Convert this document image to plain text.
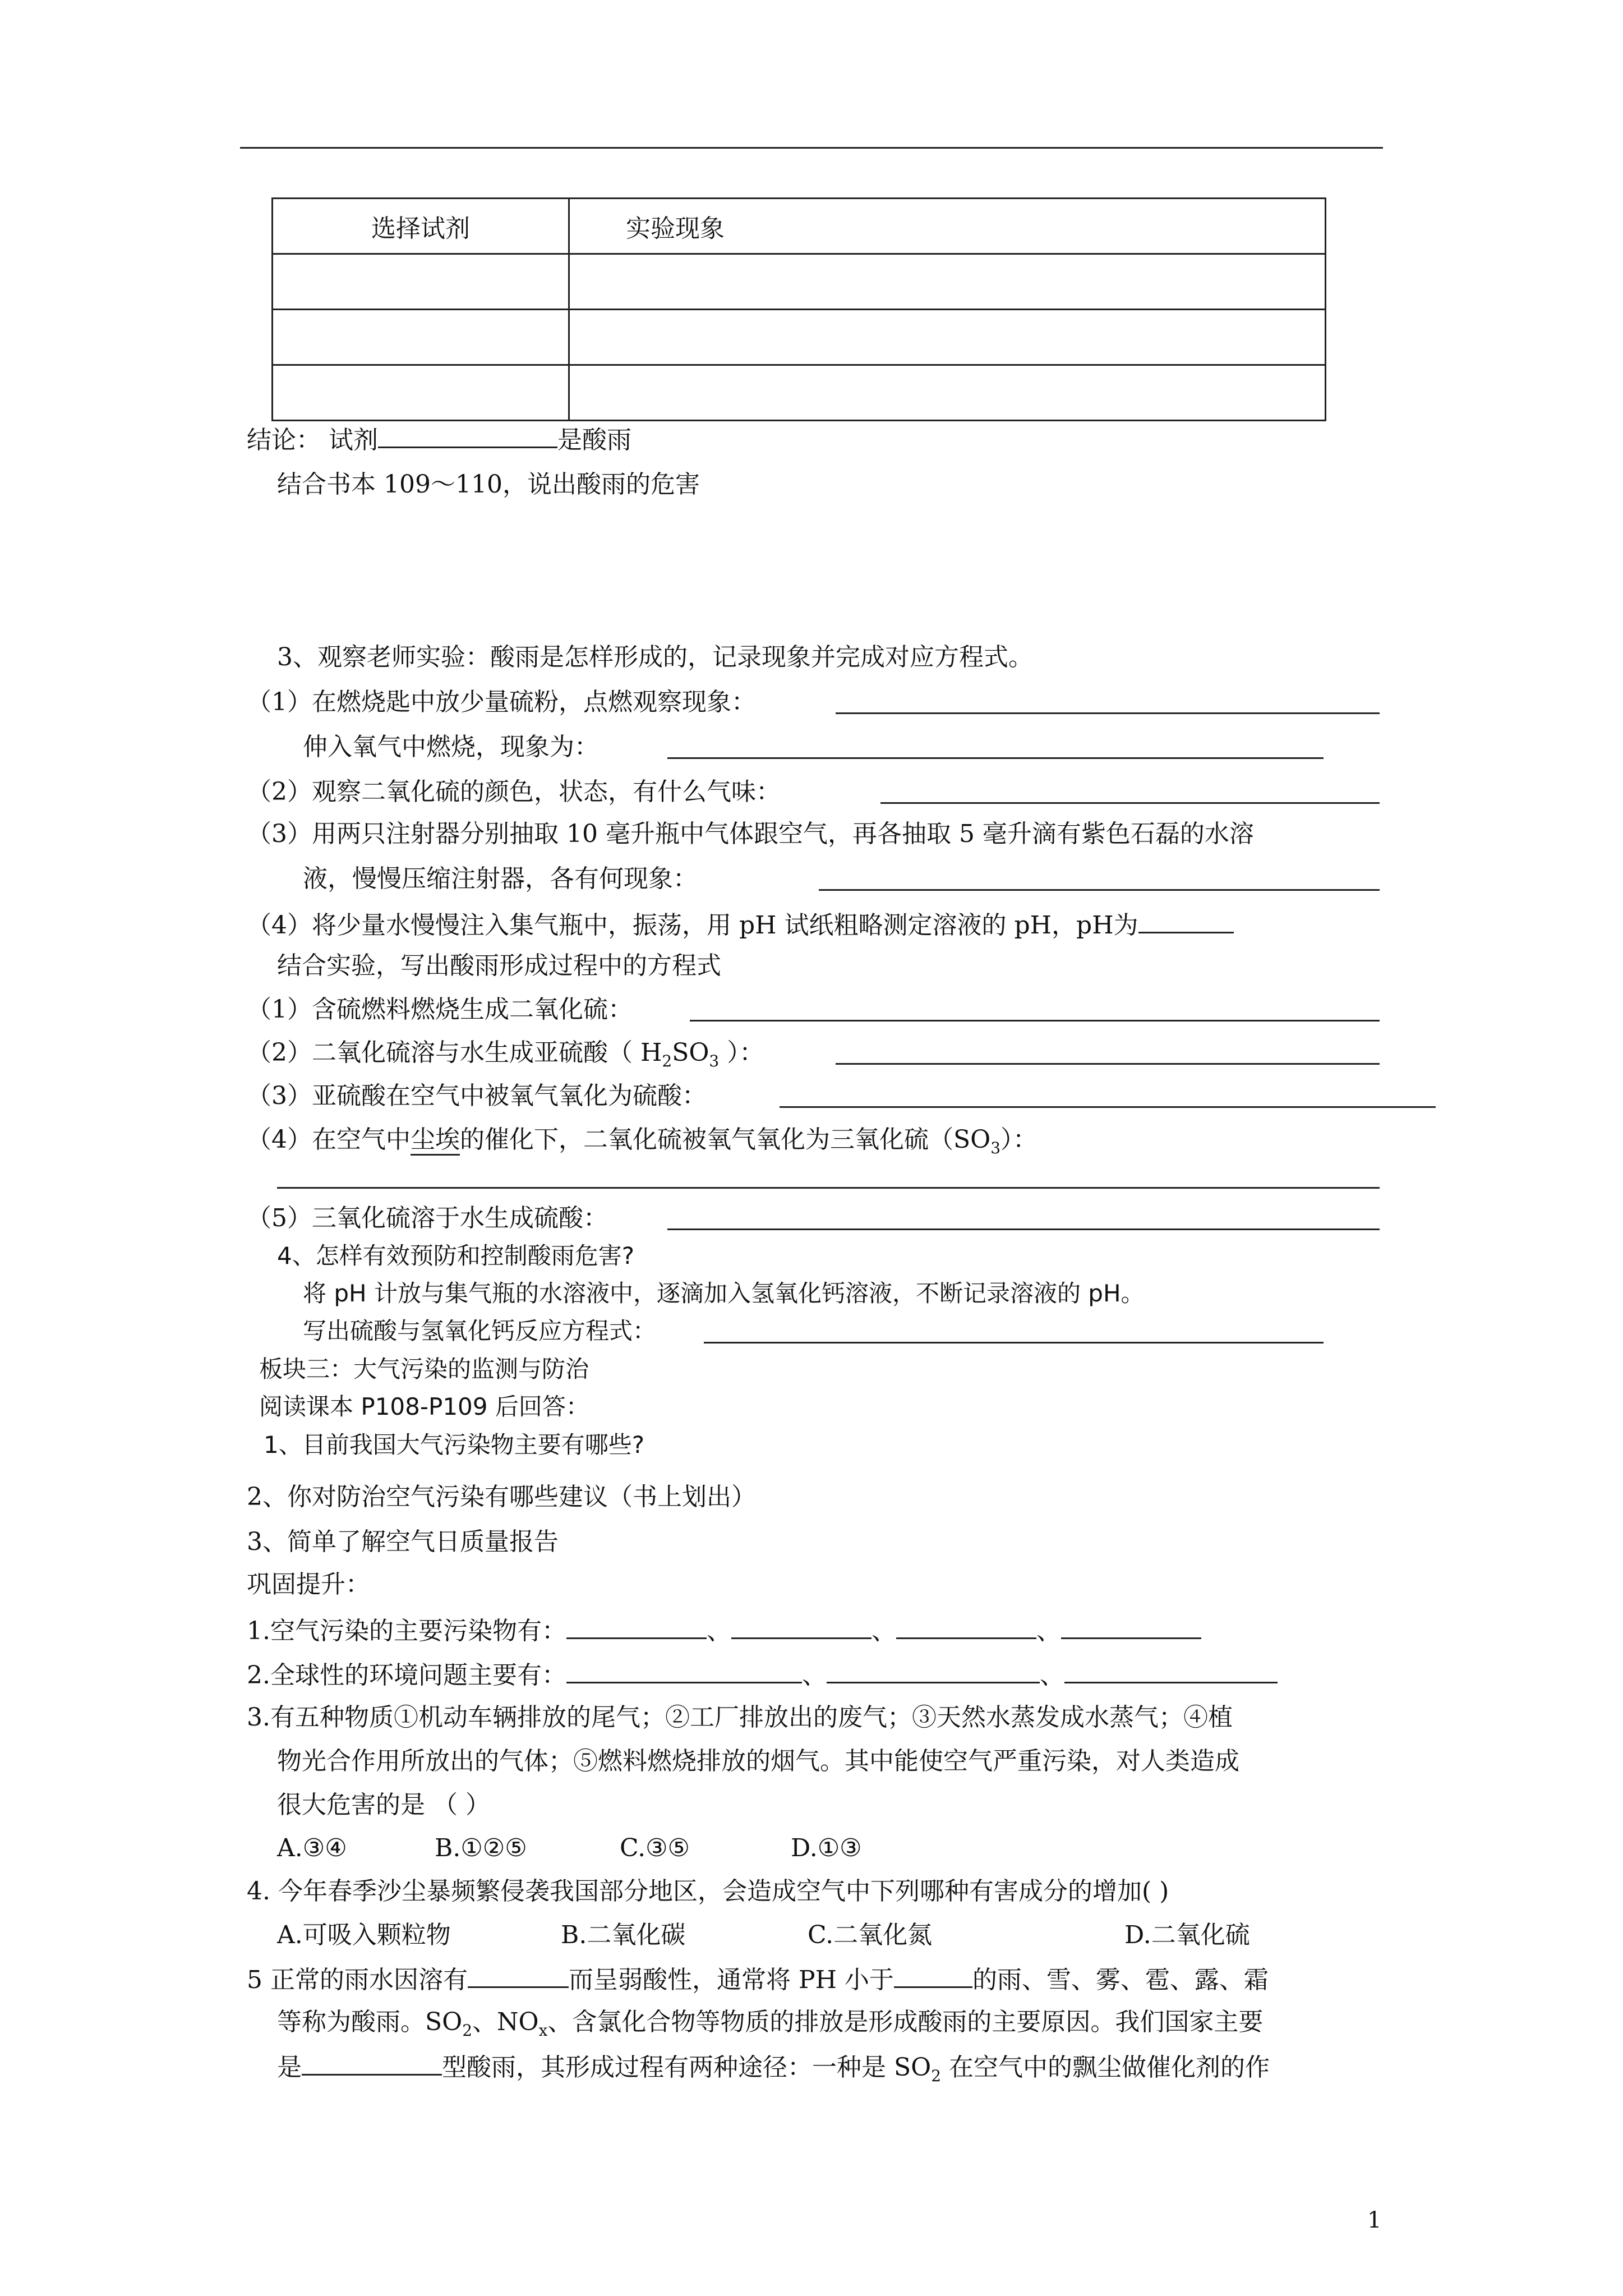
选择试剂	实验现象

结论： 试剂	是酸雨
结合书本 109～110，说出酸雨的危害
3、观察老师实验：酸雨是怎样形成的，记录现象并完成对应方程式。
（1）在燃烧匙中放少量硫粉，点燃观察现象：
伸入氧气中燃烧，现象为：
（2）观察二氧化硫的颜色，状态，有什么气味：
（3）用两只注射器分别抽取 10 毫升瓶中气体跟空气，再各抽取 5 毫升滴有紫色石磊的水溶
液，慢慢压缩注射器，各有何现象：
（4）将少量水慢慢注入集气瓶中，振荡，用 pH 试纸粗略测定溶液的 pH，pH为
结合实验，写出酸雨形成过程中的方程式
（1）含硫燃料燃烧生成二氧化硫：
（2）二氧化硫溶与水生成亚硫酸（ $H_2SO_3$ ）：
（3）亚硫酸在空气中被氧气氧化为硫酸：
（4）在空气中尘埃的催化下，二氧化硫被氧气氧化为三氧化硫$(SO_3)$：
（5）三氧化硫溶于水生成硫酸：
4、怎样有效预防和控制酸雨危害?
将 pH 计放与集气瓶的水溶液中，逐滴加入氢氧化钙溶液，不断记录溶液的 pH。
写出硫酸与氢氧化钙反应方程式：
板块三：大气污染的监测与防治
阅读课本 P108-P109 后回答：
1、目前我国大气污染物主要有哪些?
2、你对防治空气污染有哪些建议（书上划出）
3、简单了解空气日质量报告
巩固提升：
1.空气污染的主要污染物有：	、	、	、
2.全球性的环境问题主要有：	、	、
3.有五种物质①机动车辆排放的尾气；②工厂排放出的废气；③天然水蒸发成水蒸气；④植
物光合作用所放出的气体；⑤燃料燃烧排放的烟气。其中能使空气严重污染，对人类造成
很大危害的是 （ ）
A.③④	B.①②⑤	C.③⑤	D.①③
4. 今年春季沙尘暴频繁侵袭我国部分地区，会造成空气中下列哪种有害成分的增加( )
A.可吸入颗粒物	B.二氧化碳	C.二氧化氮	D.二氧化硫
5 正常的雨水因溶有	而呈弱酸性，通常将 PH 小于	的雨、雪、雾、雹、露、霜
等称为酸雨。$SO_2$、$NO_x$、含氯化合物等物质的排放是形成酸雨的主要原因。我们国家主要
是	型酸雨，其形成过程有两种途径：一种是 $SO_2$ 在空气中的飘尘做催化剂的作
1
